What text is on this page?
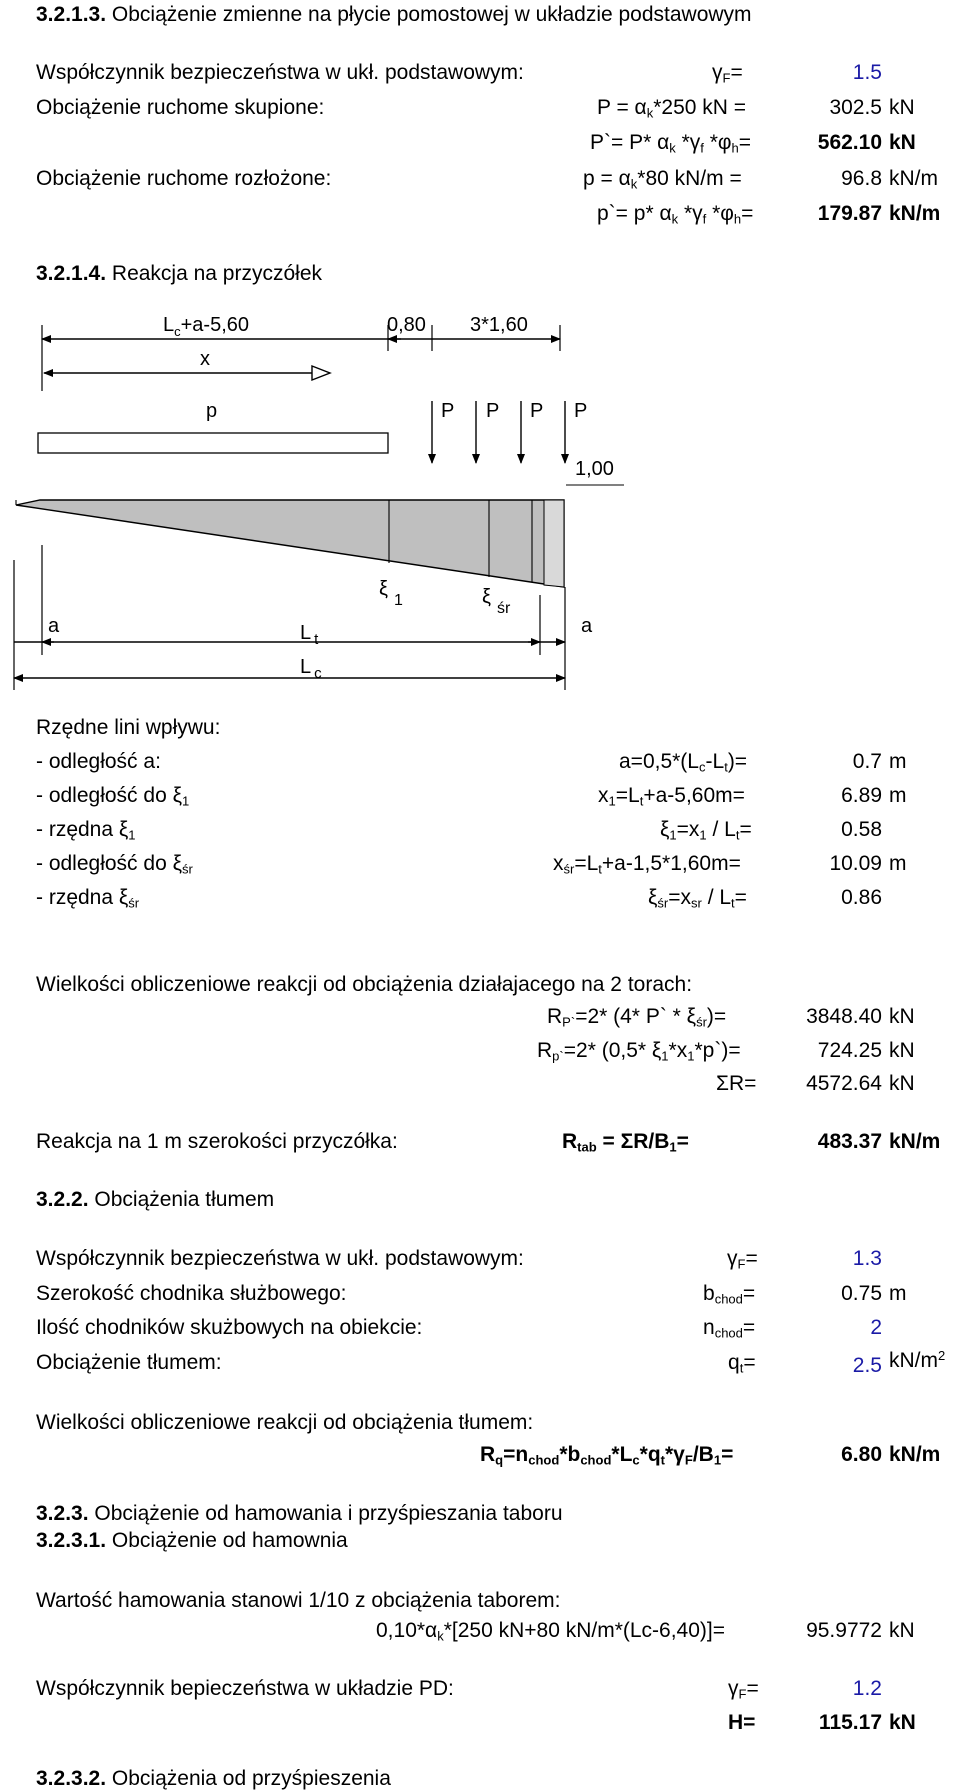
3.2.1.3. Obciążenie zmienne na płycie pomostowej w układzie podstawowym
Współczynnik bezpieczeństwa w ukł. podstawowym:	$\gamma_F=$	1.5
Obciążenie ruchome skupione:	$P = \alpha_k*250$ kN =	302.5 kN
P`= P* $\alpha_k$ $*\gamma_f$ $*\varphi_h=$	562.10 kN
Obciążenie ruchome rozłożone:	$p = \alpha_k*80$ kN/m =	96.8 kN/m
p`= p* $\alpha_k$ $*\gamma_f$ $*\varphi_h=$	179.87 kN/m
3.2.1.4. Reakcja na przyczółek
$L_c+a-5,60$	0,80 3*1,60
x
p	P P P P
1,00
$\xi_1$	$\xi_{śr}$
a	a
L $_t$
L $_c$
Rzędne lini wpływu:
- odległość a:	$a=0,5*(L_c-L_t)=$	0.7 m
- odległość do $\xi_1$	$x_1=L_t+a-5,60m=$	6.89 m
- rzędna $\xi_1$	$\xi_1=x_1 / L_t=$	0.58
- odległość do $\xi_{śr}$	$x_{śr}=L_t+a-1,5*1,60m=$	10.09 m
- rzędna $\xi_{śr}$	$\xi_{śr}=x_{sr} / L_t=$	0.86
Wielkości obliczeniowe reakcji od obciążenia działajacego na 2 torach:
$R_{P`}=2*$ (4* P` * $\xi_{śr})=$	3848.40 kN
$R_{p`}=2*$ (0,5* $\xi_1*x_1*p`)=$	724.25 kN
ΣR= 4572.64 kN
Reakcja na 1 m szerokości przyczółka:	$R_{tab} = \Sigma R/B_1=$	483.37 kN/m
3.2.2. Obciążenia tłumem
Współczynnik bezpieczeństwa w ukł. podstawowym:	$\gamma_F=$	1.3
Szerokość chodnika służbowego:	$b_{chod}=$	0.75 m
Ilość chodników skużbowych na obiekcie:	$n_{chod}=$	2
Obciążenie tłumem:	$q_t=$	2.5 $kN/m^2$
Wielkości obliczeniowe reakcji od obciążenia tłumem:
$R_q=n_{chod}*b_{chod}*L_c*q_t*\gamma_F/B_1=$	6.80 kN/m
3.2.3. Obciążenie od hamowania i przyśpieszania taboru
3.2.3.1. Obciążenie od hamownia
Wartość hamowania stanowi 1/10 z obciążenia taborem:
$0,10*\alpha_k*[250$ kN+80 kN/m*(Lc-6,40)]=	95.9772 kN
Współczynnik bepieczeństwa w układzie PD:	$\gamma_F=$	1.2
H=	115.17 kN
3.2.3.2. Obciążenia od przyśpieszenia
